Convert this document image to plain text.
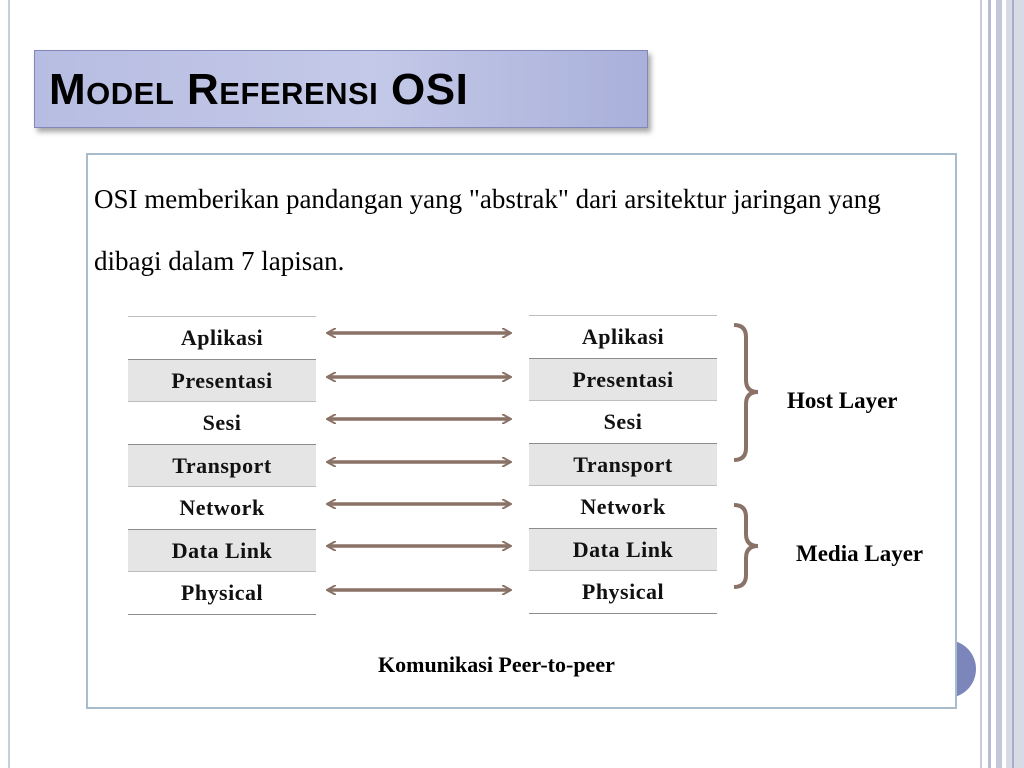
Model Referensi OSI
OSI memberikan pandangan yang "abstrak" dari arsitektur jaringan yang dibagi dalam 7 lapisan.
Aplikasi
Presentasi
Sesi
Transport
Network
Data Link
Physical
Aplikasi
Presentasi
Sesi
Transport
Network
Data Link
Physical
Host Layer
Media Layer
Komunikasi Peer-to-peer
